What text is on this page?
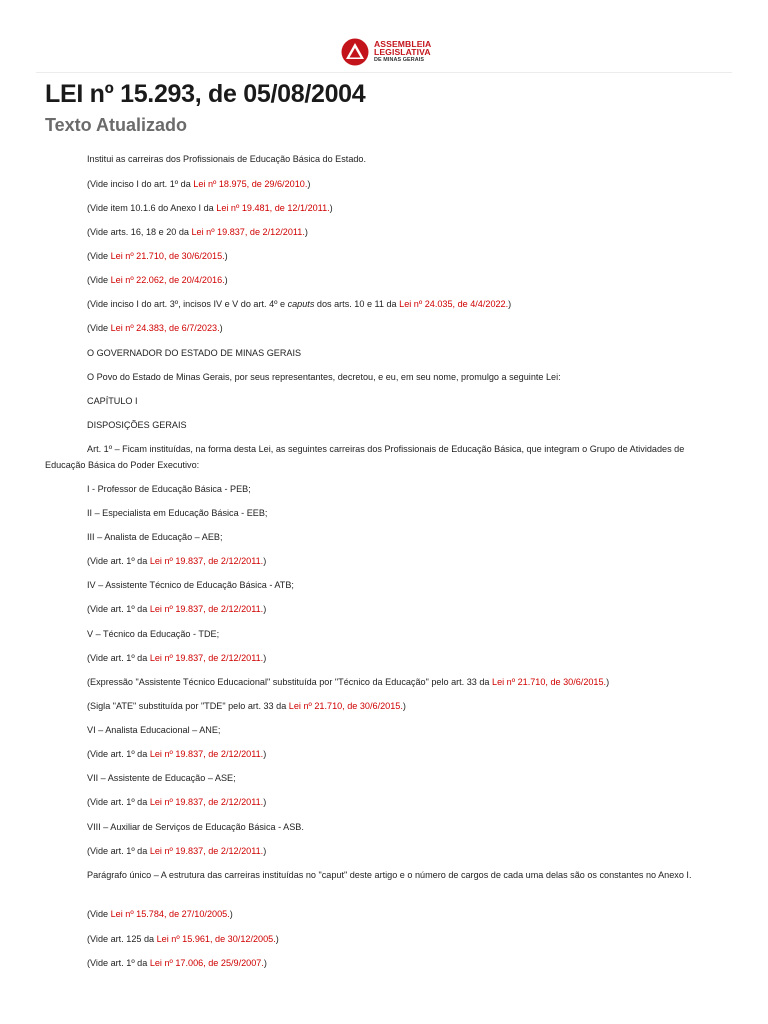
ASSEMBLEIA
LEGISLATIVA
DE MINAS GERAIS
LEI nº 15.293, de 05/08/2004
Texto Atualizado
Institui as carreiras dos Profissionais de Educação Básica do Estado.
(Vide inciso I do art. 1º da Lei nº 18.975, de 29/6/2010.)
(Vide item 10.1.6 do Anexo I da Lei nº 19.481, de 12/1/2011.)
(Vide arts. 16, 18 e 20 da Lei nº 19.837, de 2/12/2011.)
(Vide Lei nº 21.710, de 30/6/2015.)
(Vide Lei nº 22.062, de 20/4/2016.)
(Vide inciso I do art. 3º, incisos IV e V do art. 4º e caputs dos arts. 10 e 11 da Lei nº 24.035, de 4/4/2022.)
(Vide Lei nº 24.383, de 6/7/2023.)
O GOVERNADOR DO ESTADO DE MINAS GERAIS
O Povo do Estado de Minas Gerais, por seus representantes, decretou, e eu, em seu nome, promulgo a seguinte Lei:
CAPÍTULO I
DISPOSIÇÕES GERAIS
Art. 1º – Ficam instituídas, na forma desta Lei, as seguintes carreiras dos Profissionais de Educação Básica, que integram o Grupo de Atividades de Educação Básica do Poder Executivo:
I - Professor de Educação Básica - PEB;
II – Especialista em Educação Básica - EEB;
III – Analista de Educação – AEB;
(Vide art. 1º da Lei nº 19.837, de 2/12/2011.)
IV – Assistente Técnico de Educação Básica - ATB;
(Vide art. 1º da Lei nº 19.837, de 2/12/2011.)
V – Técnico da Educação - TDE;
(Vide art. 1º da Lei nº 19.837, de 2/12/2011.)
(Expressão "Assistente Técnico Educacional" substituída por "Técnico da Educação" pelo art. 33 da Lei nº 21.710, de 30/6/2015.)
(Sigla "ATE" substituída por "TDE" pelo art. 33 da Lei nº 21.710, de 30/6/2015.)
VI – Analista Educacional – ANE;
(Vide art. 1º da Lei nº 19.837, de 2/12/2011.)
VII – Assistente de Educação – ASE;
(Vide art. 1º da Lei nº 19.837, de 2/12/2011.)
VIII – Auxiliar de Serviços de Educação Básica - ASB.
(Vide art. 1º da Lei nº 19.837, de 2/12/2011.)
Parágrafo único – A estrutura das carreiras instituídas no "caput" deste artigo e o número de cargos de cada uma delas são os constantes no Anexo I.
(Vide Lei nº 15.784, de 27/10/2005.)
(Vide art. 125 da Lei nº 15.961, de 30/12/2005.)
(Vide art. 1º da Lei nº 17.006, de 25/9/2007.)
